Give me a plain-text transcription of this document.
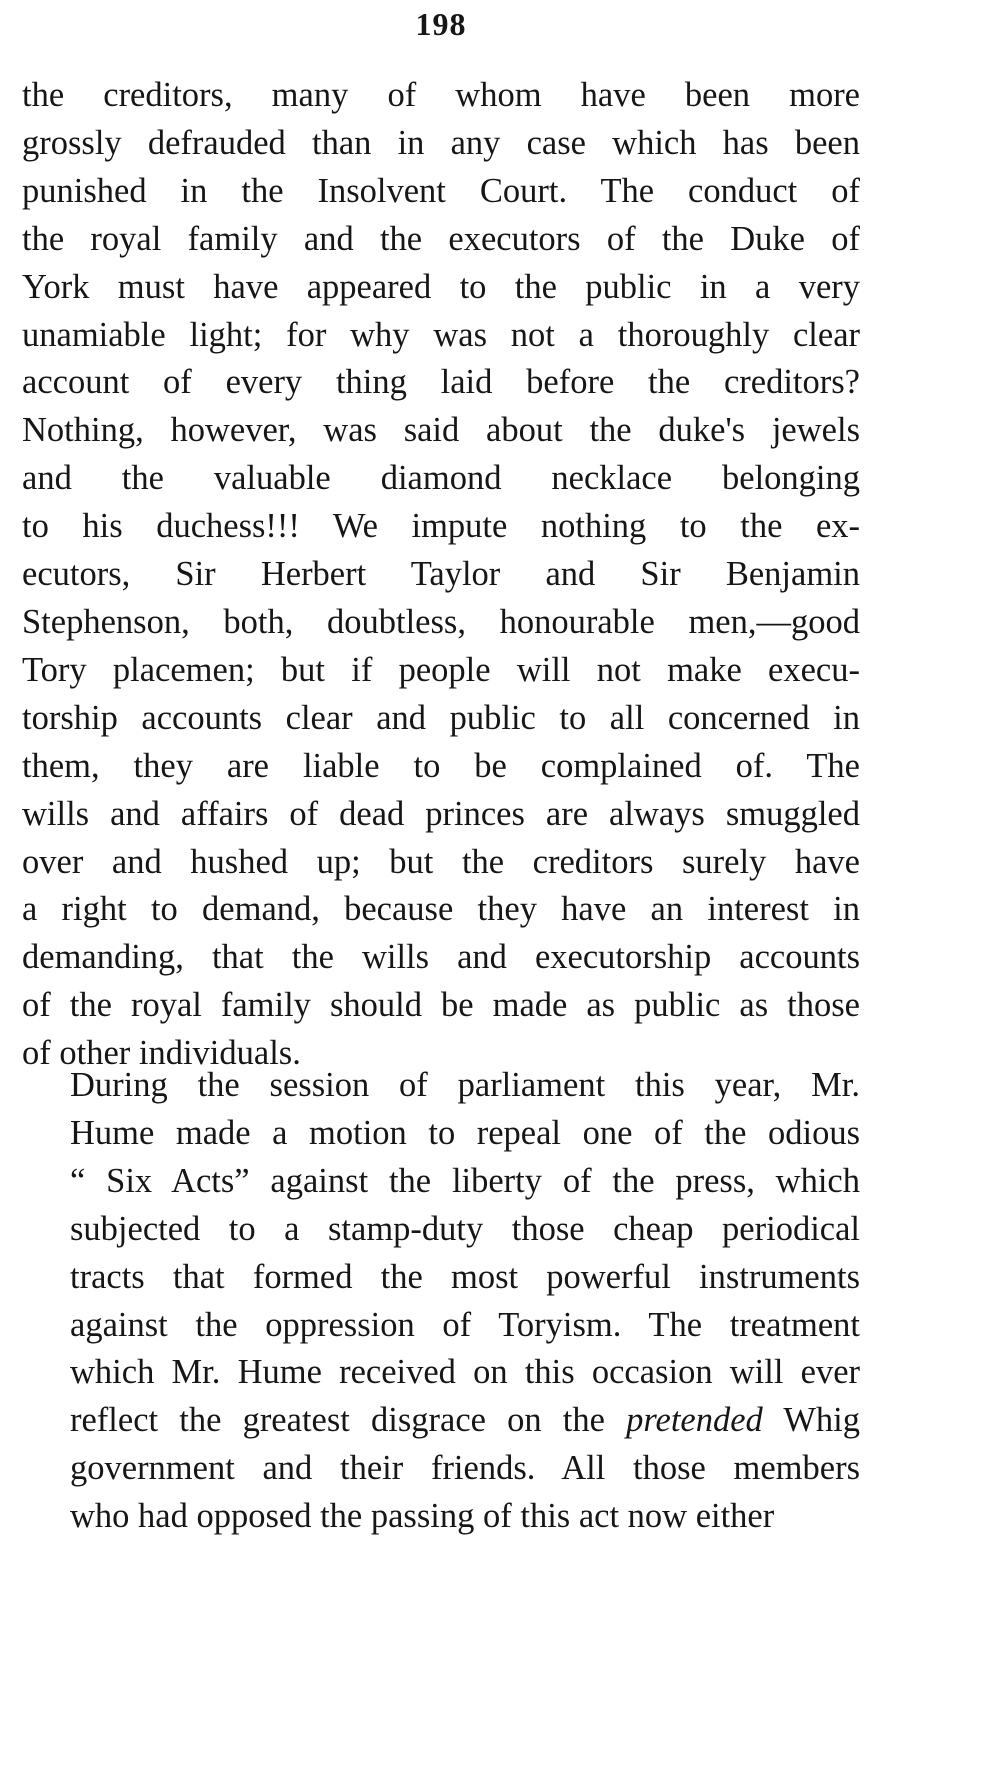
198

the creditors, many of whom have been more
grossly defrauded than in any case which has been
punished in the Insolvent Court. The conduct of
the royal family and the executors of the Duke of
York must have appeared to the public in a very
unamiable light; for why was not a thoroughly clear
account of every thing laid before the creditors?
Nothing, however, was said about the duke's jewels
and the valuable diamond necklace belonging
to his duchess!!! We impute nothing to the ex-
ecutors, Sir Herbert Taylor and Sir Benjamin
Stephenson, both, doubtless, honourable men,—good
Tory placemen; but if people will not make execu-
torship accounts clear and public to all concerned in
them, they are liable to be complained of. The
wills and affairs of dead princes are always smuggled
over and hushed up; but the creditors surely have
a right to demand, because they have an interest in
demanding, that the wills and executorship accounts
of the royal family should be made as public as those
of other individuals.

During the session of parliament this year, Mr.
Hume made a motion to repeal one of the odious
“ Six Acts” against the liberty of the press, which
subjected to a stamp-duty those cheap periodical
tracts that formed the most powerful instruments
against the oppression of Toryism. The treatment
which Mr. Hume received on this occasion will ever
reflect the greatest disgrace on the pretended Whig
government and their friends. All those members
who had opposed the passing of this act now either
